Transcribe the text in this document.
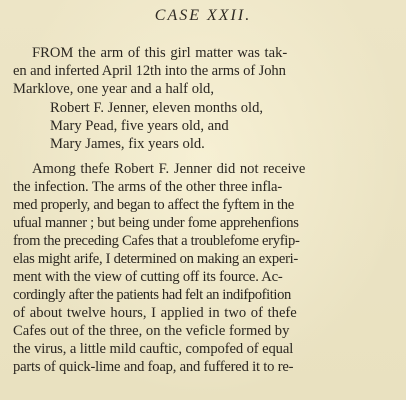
CASE XXII.
FROM the arm of this girl matter was tak-
en and inferted April 12th into the arms of John
Marklove, one year and a half old,
Robert F. Jenner, eleven months old,
Mary Pead, five years old, and
Mary James, fix years old.
Among thefe Robert F. Jenner did not receive
the infection. The arms of the other three infla-
med properly, and began to affect the fyftem in the
ufual manner ; but being under fome apprehenfions
from the preceding Cafes that a troublefome eryfip-
elas might arife, I determined on making an experi-
ment with the view of cutting off its fource. Ac-
cordingly after the patients had felt an indifpofition
of about twelve hours, I applied in two of thefe
Cafes out of the three, on the veficle formed by
the virus, a little mild cauftic, compofed of equal
parts of quick-lime and foap, and fuffered it to re-
